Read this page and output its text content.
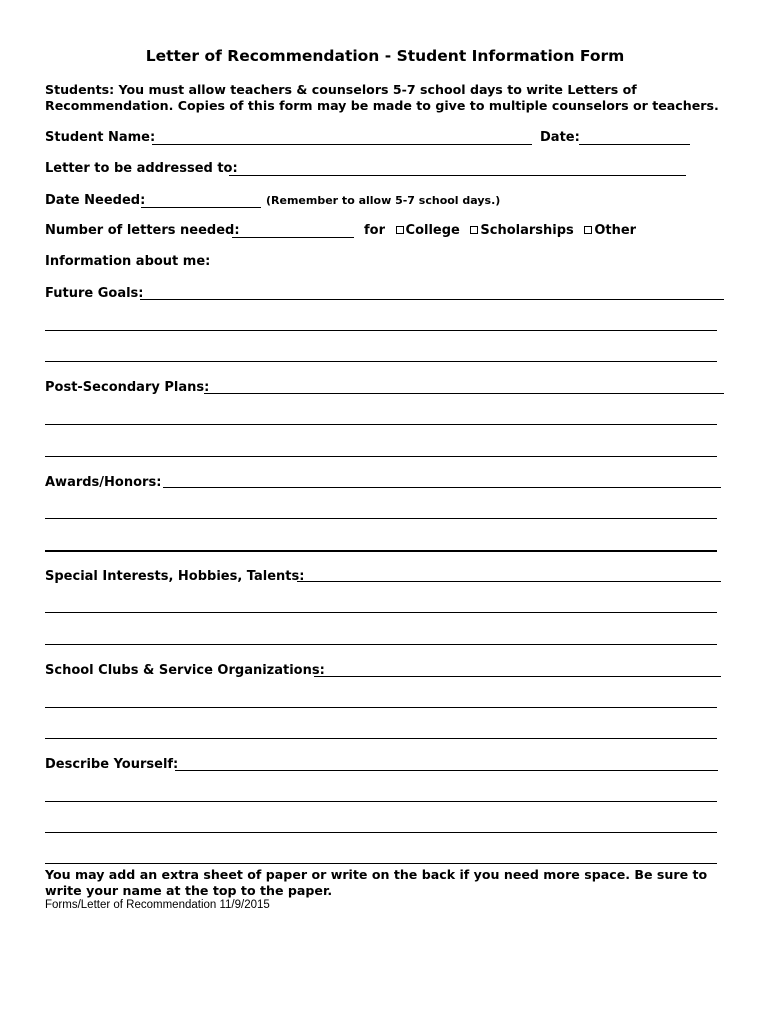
Letter of Recommendation - Student Information Form
Students: You must allow teachers & counselors 5-7 school days to write Letters of Recommendation. Copies of this form may be made to give to multiple counselors or teachers.
Student Name:	Date:
Letter to be addressed to:
Date Needed:	(Remember to allow 5-7 school days.)
Number of letters needed:	for College Scholarships Other
Information about me:
Future Goals:
Post-Secondary Plans:
Awards/Honors:
Special Interests, Hobbies, Talents:
School Clubs & Service Organizations:
Describe Yourself:
You may add an extra sheet of paper or write on the back if you need more space. Be sure to write your name at the top to the paper.
Forms/Letter of Recommendation 11/9/2015
